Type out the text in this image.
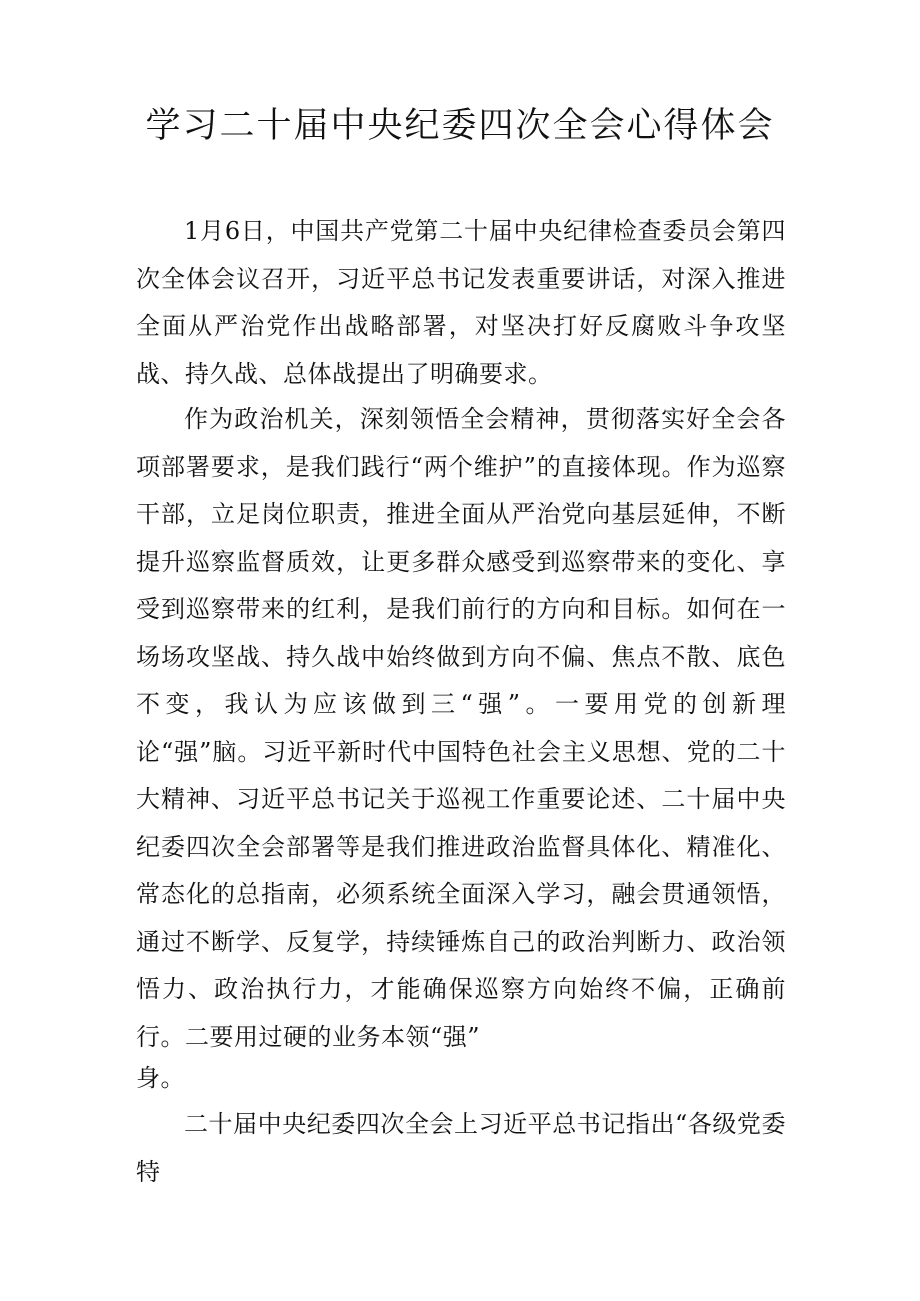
学习二十届中央纪委四次全会心得体会

1月6日，中国共产党第二十届中央纪律检查委员会第四次全体会议召开，习近平总书记发表重要讲话，对深入推进全面从严治党作出战略部署，对坚决打好反腐败斗争攻坚战、持久战、总体战提出了明确要求。

作为政治机关，深刻领悟全会精神，贯彻落实好全会各项部署要求，是我们践行“两个维护”的直接体现。作为巡察干部，立足岗位职责，推进全面从严治党向基层延伸，不断提升巡察监督质效，让更多群众感受到巡察带来的变化、享受到巡察带来的红利，是我们前行的方向和目标。如何在一场场攻坚战、持久战中始终做到方向不偏、焦点不散、底色不变，我认为应该做到三“强”。一要用党的创新理论“强”脑。习近平新时代中国特色社会主义思想、党的二十大精神、习近平总书记关于巡视工作重要论述、二十届中央纪委四次全会部署等是我们推进政治监督具体化、精准化、常态化的总指南，必须系统全面深入学习，融会贯通领悟，通过不断学、反复学，持续锤炼自己的政治判断力、政治领悟力、政治执行力，才能确保巡察方向始终不偏，正确前行。二要用过硬的业务本领“强”

身。

二十届中央纪委四次全会上习近平总书记指出“各级党委特
